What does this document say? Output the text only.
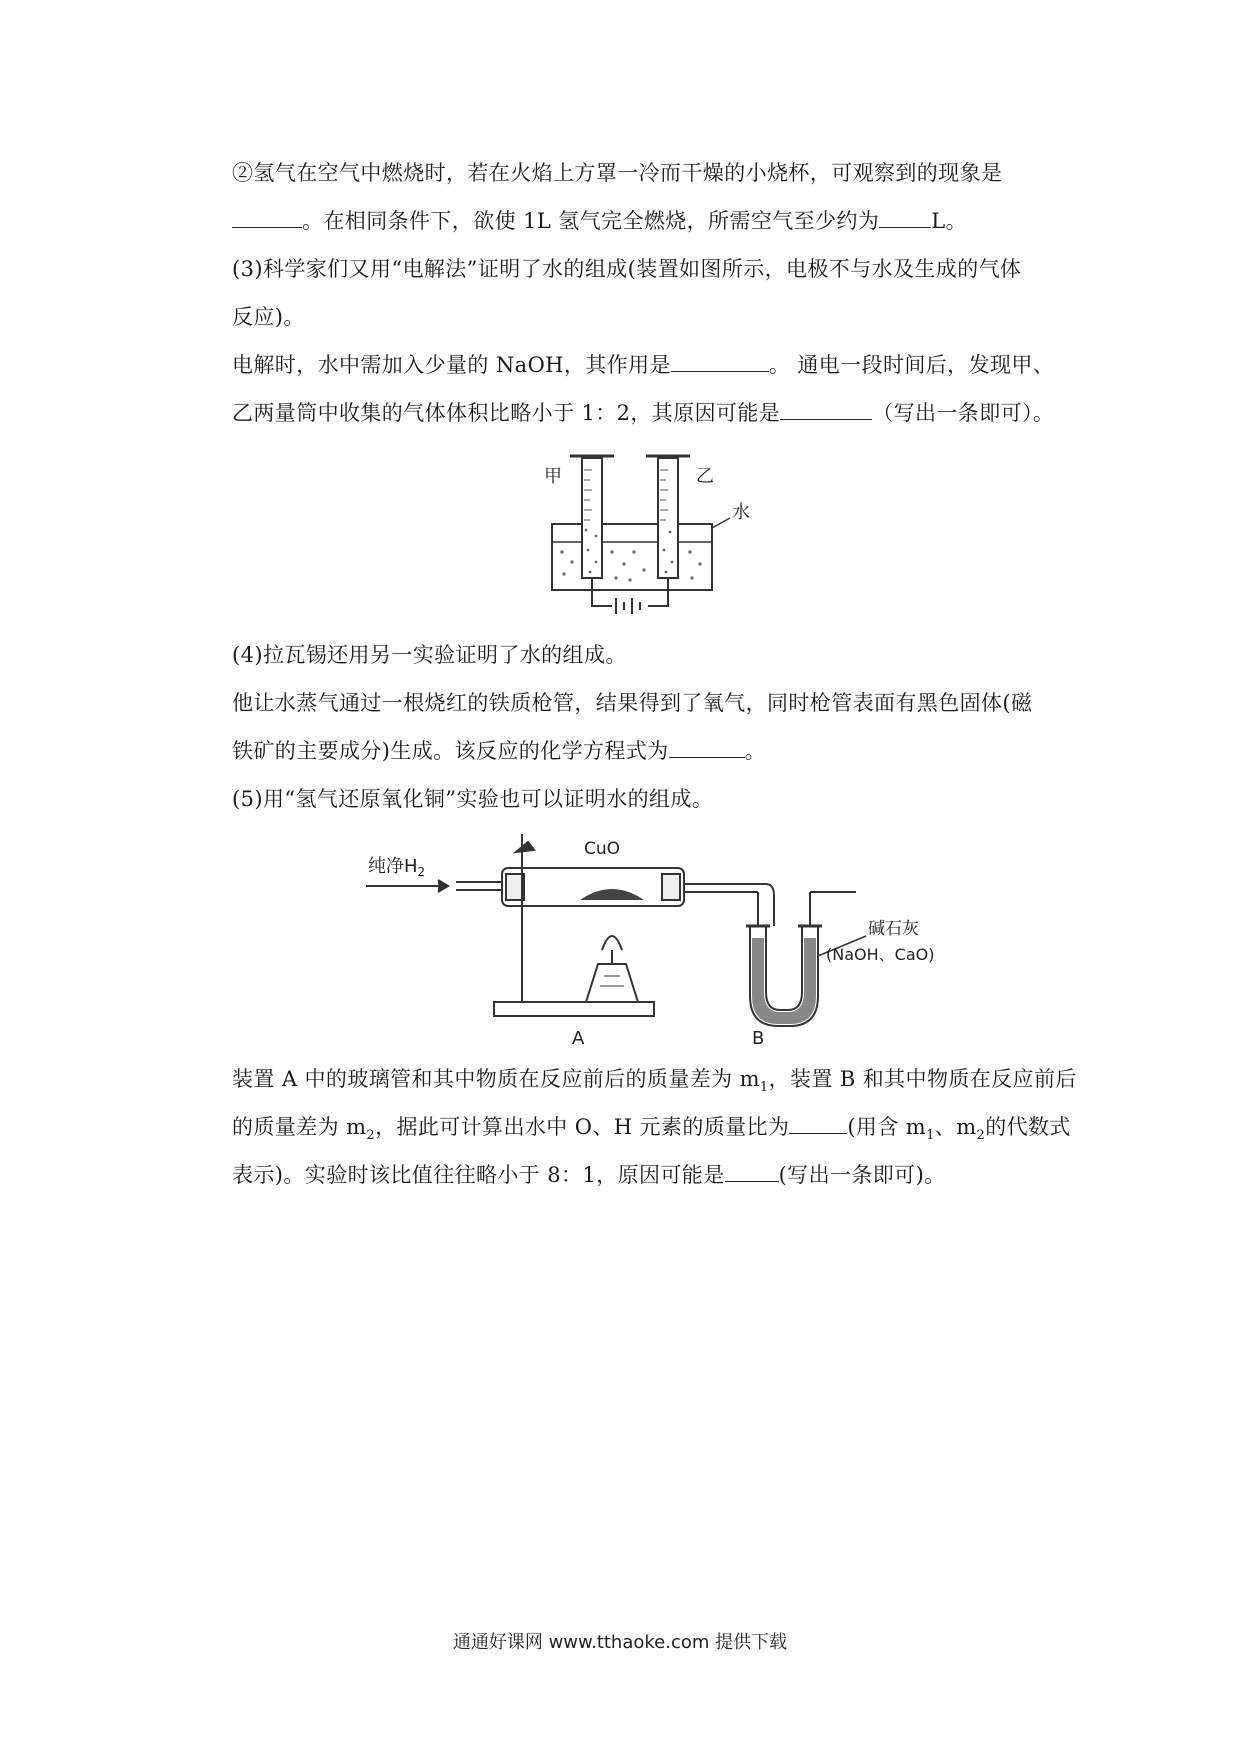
②氢气在空气中燃烧时，若在火焰上方罩一冷而干燥的小烧杯，可观察到的现象是
。在相同条件下，欲使 1L 氢气完全燃烧，所需空气至少约为 L。
(3)科学家们又用“电解法”证明了水的组成(装置如图所示，电极不与水及生成的气体
反应)。
电解时，水中需加入少量的 NaOH，其作用是	。 通电一段时间后，发现甲、
乙两量筒中收集的气体体积比略小于 1：2，其原因可能是	（写出一条即可）。
甲	乙
水
(4)拉瓦锡还用另一实验证明了水的组成。
他让水蒸气通过一根烧红的铁质枪管，结果得到了氧气，同时枪管表面有黑色固体(磁
铁矿的主要成分)生成。该反应的化学方程式为	。
(5)用“氢气还原氧化铜”实验也可以证明水的组成。
纯净$H_2$
CuO
碱石灰
(NaOH、CaO)
A	B
装置 A 中的玻璃管和其中物质在反应前后的质量差为 $m_1$，装置 B 和其中物质在反应前后
的质量差为 $m_2$，据此可计算出水中 O、H 元素的质量比为	(用含 $m_1$、$m_2$的代数式
表示)。实验时该比值往往略小于 8：1，原因可能是	(写出一条即可)。
通通好课网 www.tthaoke.com 提供下载
